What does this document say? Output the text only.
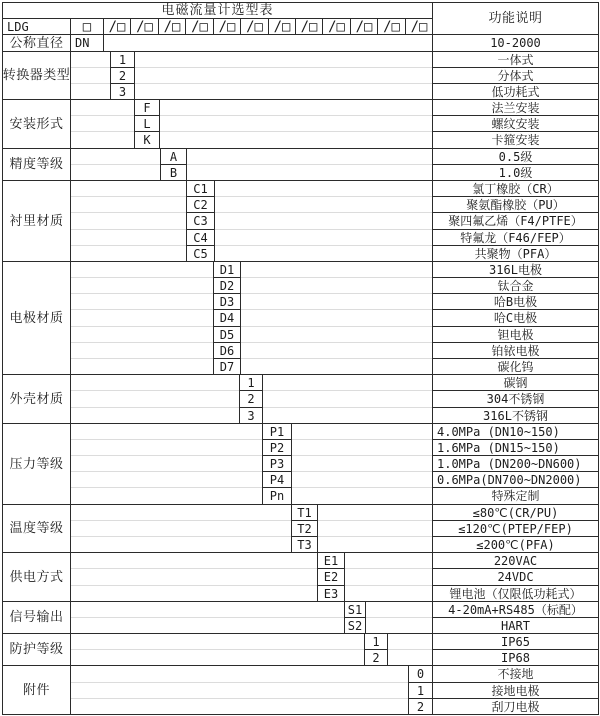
电磁流量计选型表
功能说明
LDG	□	/□ /□ /□ /□ /□ /□ /□ /□ /□ /□ /□ /□
公称直径 DN	10-2000
转换器类型
1	一体式
2	分体式
3	低功耗式
安装形式
F	法兰安装
L	螺纹安装
K	卡箍安装
精度等级
A	0.5级
B	1.0级
衬里材质
C1	氯丁橡胶（CR）
C2	聚氨酯橡胶（PU）
C3	聚四氟乙烯（F4/PTFE）
C4	特氟龙（F46/FEP）
C5	共聚物（PFA）
电极材质
D1	316L电极
D2	钛合金
D3	哈B电极
D4	哈C电极
D5	钽电极
D6	铂铱电极
D7	碳化钨
外壳材质
1	碳钢
2	304不锈钢
3	316L不锈钢
压力等级
P1	4.0MPa (DN10~150)
P2	1.6MPa (DN15~150)
P3	1.0MPa (DN200~DN600)
P4	0.6MPa(DN700~DN2000)
Pn	特殊定制
温度等级
T1	≤80℃(CR/PU)
T2	≤120℃(PTEP/FEP)
T3	≤200℃(PFA)
供电方式
E1	220VAC
E2	24VDC
E3	锂电池（仅限低功耗式）
信号输出
S1	4-20mA+RS485（标配）
S2	HART
防护等级
1	IP65
2	IP68
附件
0	不接地
1	接地电极
2	刮刀电极
